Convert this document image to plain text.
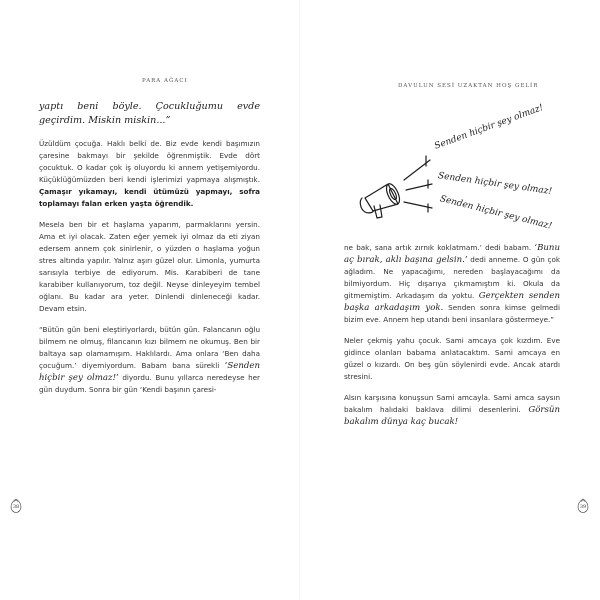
PARA AĞACI

yaptı beni böyle. Çocukluğumu evde geçirdim. Miskin miskin...”

Üzüldüm çocuğa. Haklı belki de. Biz evde kendi başımızın çaresine bakmayı bir şekilde öğrenmiştik. Evde dört çocuktuk. O kadar çok iş oluyordu ki annem yetişemiyordu. Küçüklüğümüzden beri kendi işlerimizi yapmaya alışmıştık. Çamaşır yıkamayı, kendi ütümüzü yapmayı, sofra toplamayı falan erken yaşta öğrendik.

Mesela ben bir et haşlama yaparım, parmaklarını yersin. Ama et iyi olacak. Zaten eğer yemek iyi olmaz da eti ziyan edersem annem çok sinirlenir, o yüzden o haşlama yoğun stres altında yapılır. Yalnız aşırı güzel olur. Limonla, yumurta sarısıyla terbiye de ediyorum. Mis. Karabiberi de tane karabiber kullanıyorum, toz değil. Neyse dinleyeyim tembel oğlanı. Bu kadar ara yeter. Dinlendi dinleneceği kadar. Devam etsin.

“Bütün gün beni eleştiriyorlardı, bütün gün. Falancanın oğlu bilmem ne olmuş, filancanın kızı bilmem ne okumuş. Ben bir baltaya sap olamamışım. Haklılardı. Ama onlara ‘Ben daha çocuğum.’ diyemiyordum. Babam bana sürekli ‘Senden hiçbir şey olmaz!’ diyordu. Bunu yıllarca neredeyse her gün duydum. Sonra bir gün ‘Kendi başının çaresi-

38
DAVULUN SESİ UZAKTAN HOŞ GELİR
Senden hiçbir şey olmaz!
Senden hiçbir şey olmaz!
Senden hiçbir şey olmaz!

ne bak, sana artık zırnık koklatmam.’ dedi babam. ‘Bunu aç bırak, aklı başına gelsin.’ dedi anneme. O gün çok ağladım. Ne yapacağımı, nereden başlayacağımı da bilmiyordum. Hiç dışarıya çıkmamıştım ki. Okula da gitmemiştim. Arkadaşım da yoktu. Gerçekten senden başka arkadaşım yok. Senden sonra kimse gelmedi bizim eve. Annem hep utandı beni insanlara göstermeye.”

Neler çekmiş yahu çocuk. Sami amcaya çok kızdım. Eve gidince olanları babama anlatacaktım. Sami amcaya en güzel o kızardı. On beş gün söylenirdi evde. Ancak atardı stresini.

Alsın karşısına konuşsun Sami amcayla. Sami amca saysın bakalım halıdaki baklava dilimi desenlerini. Görsün bakalım dünya kaç bucak!

39
